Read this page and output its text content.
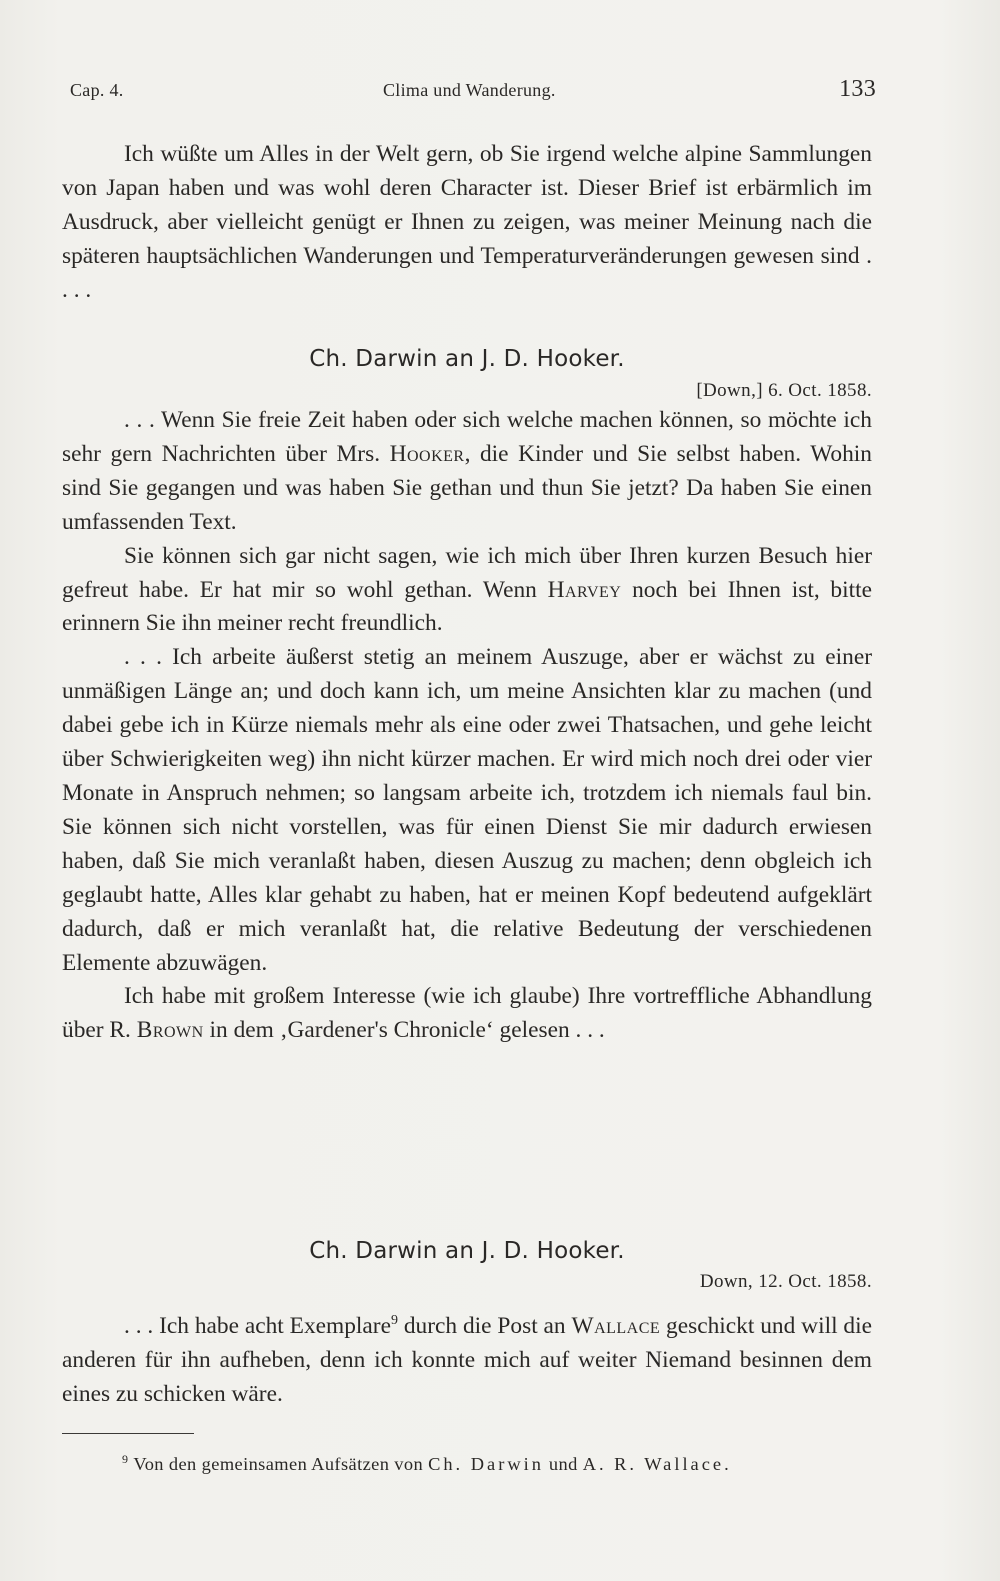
Cap. 4.	Clima und Wanderung.	133

Ich wüßte um Alles in der Welt gern, ob Sie irgend welche alpine Sammlungen von Japan haben und was wohl deren Character ist. Dieser Brief ist erbärmlich im Ausdruck, aber vielleicht genügt er Ihnen zu zeigen, was meiner Meinung nach die späteren hauptsächlichen Wanderungen und Temperaturveränderungen gewesen sind . . . .

Ch. Darwin an J. D. Hooker.
[Down,] 6. Oct. 1858.

. . . Wenn Sie freie Zeit haben oder sich welche machen können, so möchte ich sehr gern Nachrichten über Mrs. Hooker, die Kinder und Sie selbst haben. Wohin sind Sie gegangen und was haben Sie gethan und thun Sie jetzt? Da haben Sie einen umfassenden Text.

Sie können sich gar nicht sagen, wie ich mich über Ihren kurzen Besuch hier gefreut habe. Er hat mir so wohl gethan. Wenn Harvey noch bei Ihnen ist, bitte erinnern Sie ihn meiner recht freundlich.

. . . Ich arbeite äußerst stetig an meinem Auszuge, aber er wächst zu einer unmäßigen Länge an; und doch kann ich, um meine Ansichten klar zu machen (und dabei gebe ich in Kürze niemals mehr als eine oder zwei Thatsachen, und gehe leicht über Schwierigkeiten weg) ihn nicht kürzer machen. Er wird mich noch drei oder vier Monate in Anspruch nehmen; so langsam arbeite ich, trotzdem ich niemals faul bin. Sie können sich nicht vorstellen, was für einen Dienst Sie mir dadurch erwiesen haben, daß Sie mich veranlaßt haben, diesen Auszug zu machen; denn obgleich ich geglaubt hatte, Alles klar gehabt zu haben, hat er meinen Kopf bedeutend aufgeklärt dadurch, daß er mich veranlaßt hat, die relative Bedeutung der verschiedenen Elemente abzuwägen.

Ich habe mit großem Interesse (wie ich glaube) Ihre vortreffliche Abhandlung über R. Brown in dem ‚Gardener's Chronicle‘ gelesen . . .

Ch. Darwin an J. D. Hooker.
Down, 12. Oct. 1858.

. . . Ich habe acht Exemplare$^9$ durch die Post an Wallace geschickt und will die anderen für ihn aufheben, denn ich konnte mich auf weiter Niemand besinnen dem eines zu schicken wäre.

$^9$ Von den gemeinsamen Aufsätzen von Ch. Darwin und A. R. Wallace.
